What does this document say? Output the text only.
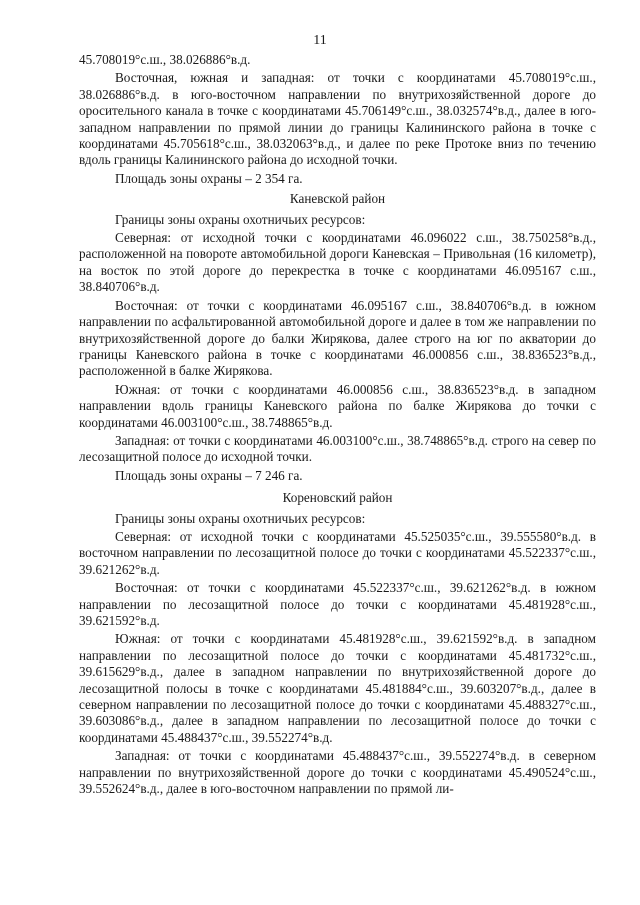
11

45.708019°с.ш., 38.026886°в.д.

Восточная, южная и западная: от точки с координатами 45.708019°с.ш., 38.026886°в.д. в юго-восточном направлении по внутрихозяйственной дороге до оросительного канала в точке с координатами 45.706149°с.ш., 38.032574°в.д., далее в юго-западном направлении по прямой линии до границы Калининского района в точке с координатами 45.705618°с.ш., 38.032063°в.д., и далее по реке Протоке вниз по течению вдоль границы Калининского района до исходной точки.

Площадь зоны охраны – 2 354 га.

Каневской район

Границы зоны охраны охотничьих ресурсов:

Северная: от исходной точки с координатами 46.096022 с.ш., 38.750258°в.д., расположенной на повороте автомобильной дороги Каневская – Привольная (16 километр), на восток по этой дороге до перекрестка в точке с координатами 46.095167 с.ш., 38.840706°в.д.

Восточная: от точки с координатами 46.095167 с.ш., 38.840706°в.д. в южном направлении по асфальтированной автомобильной дороге и далее в том же направлении по внутрихозяйственной дороге до балки Жирякова, далее строго на юг по акватории до границы Каневского района в точке с координатами 46.000856 с.ш., 38.836523°в.д., расположенной в балке Жирякова.

Южная: от точки с координатами 46.000856 с.ш., 38.836523°в.д. в западном направлении вдоль границы Каневского района по балке Жирякова до точки с координатами 46.003100°с.ш., 38.748865°в.д.

Западная: от точки с координатами 46.003100°с.ш., 38.748865°в.д. строго на север по лесозащитной полосе до исходной точки.

Площадь зоны охраны – 7 246 га.

Кореновский район

Границы зоны охраны охотничьих ресурсов:

Северная: от исходной точки с координатами 45.525035°с.ш., 39.555580°в.д. в восточном направлении по лесозащитной полосе до точки с координатами 45.522337°с.ш., 39.621262°в.д.

Восточная: от точки с координатами 45.522337°с.ш., 39.621262°в.д. в южном направлении по лесозащитной полосе до точки с координатами 45.481928°с.ш., 39.621592°в.д.

Южная: от точки с координатами 45.481928°с.ш., 39.621592°в.д. в западном направлении по лесозащитной полосе до точки с координатами 45.481732°с.ш., 39.615629°в.д., далее в западном направлении по внутрихозяйственной дороге до лесозащитной полосы в точке с координатами 45.481884°с.ш., 39.603207°в.д., далее в северном направлении по лесозащитной полосе до точки с координатами 45.488327°с.ш., 39.603086°в.д., далее в западном направлении по лесозащитной полосе до точки с координатами 45.488437°с.ш., 39.552274°в.д.

Западная: от точки с координатами 45.488437°с.ш., 39.552274°в.д. в северном направлении по внутрихозяйственной дороге до точки с координатами 45.490524°с.ш., 39.552624°в.д., далее в юго-восточном направлении по прямой ли-
